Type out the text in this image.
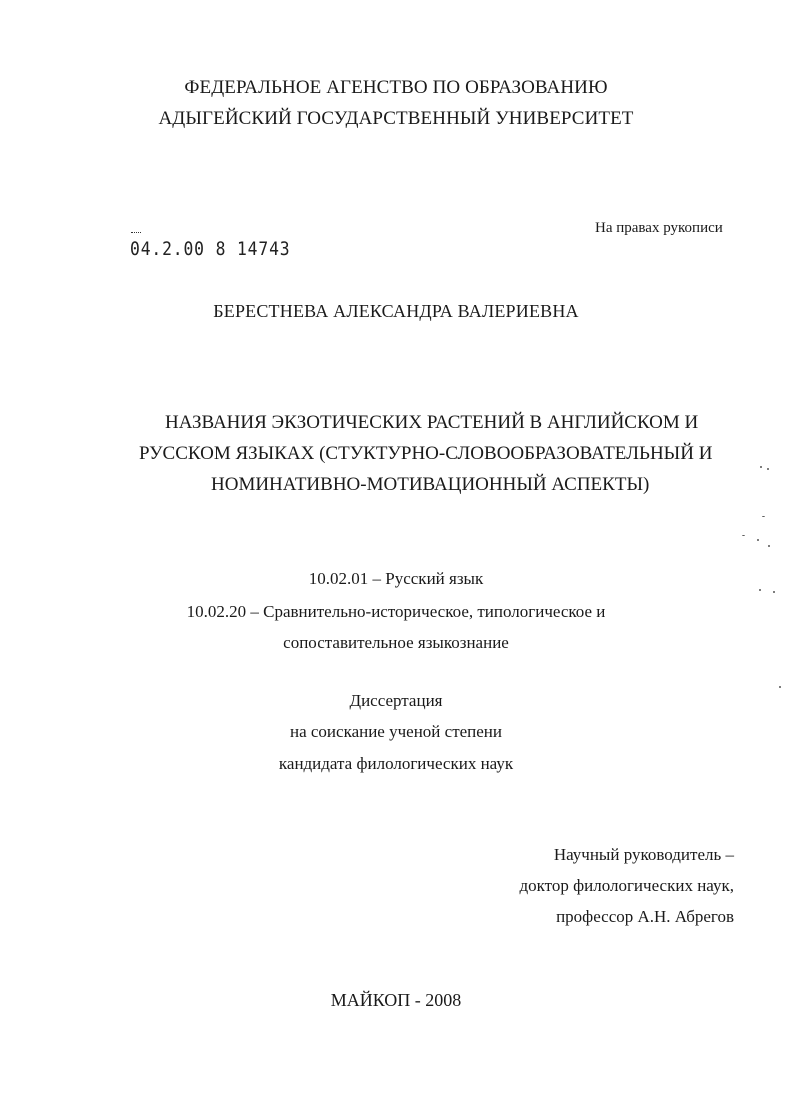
ФЕДЕРАЛЬНОЕ АГЕНСТВО ПО ОБРАЗОВАНИЮ
АДЫГЕЙСКИЙ ГОСУДАРСТВЕННЫЙ УНИВЕРСИТЕТ
04.2.00 8 14743
На правах рукописи
БЕРЕСТНЕВА АЛЕКСАНДРА ВАЛЕРИЕВНА
НАЗВАНИЯ ЭКЗОТИЧЕСКИХ РАСТЕНИЙ В АНГЛИЙСКОМ И
РУССКОМ ЯЗЫКАХ (СТУКТУРНО-СЛОВООБРАЗОВАТЕЛЬНЫЙ И
НОМИНАТИВНО-МОТИВАЦИОННЫЙ АСПЕКТЫ)
10.02.01 – Русский язык
10.02.20 – Сравнительно-историческое, типологическое и
сопоставительное языкознание
Диссертация
на соискание ученой степени
кандидата филологических наук
Научный руководитель –
доктор филологических наук,
профессор А.Н. Абрегов
МАЙКОП - 2008
